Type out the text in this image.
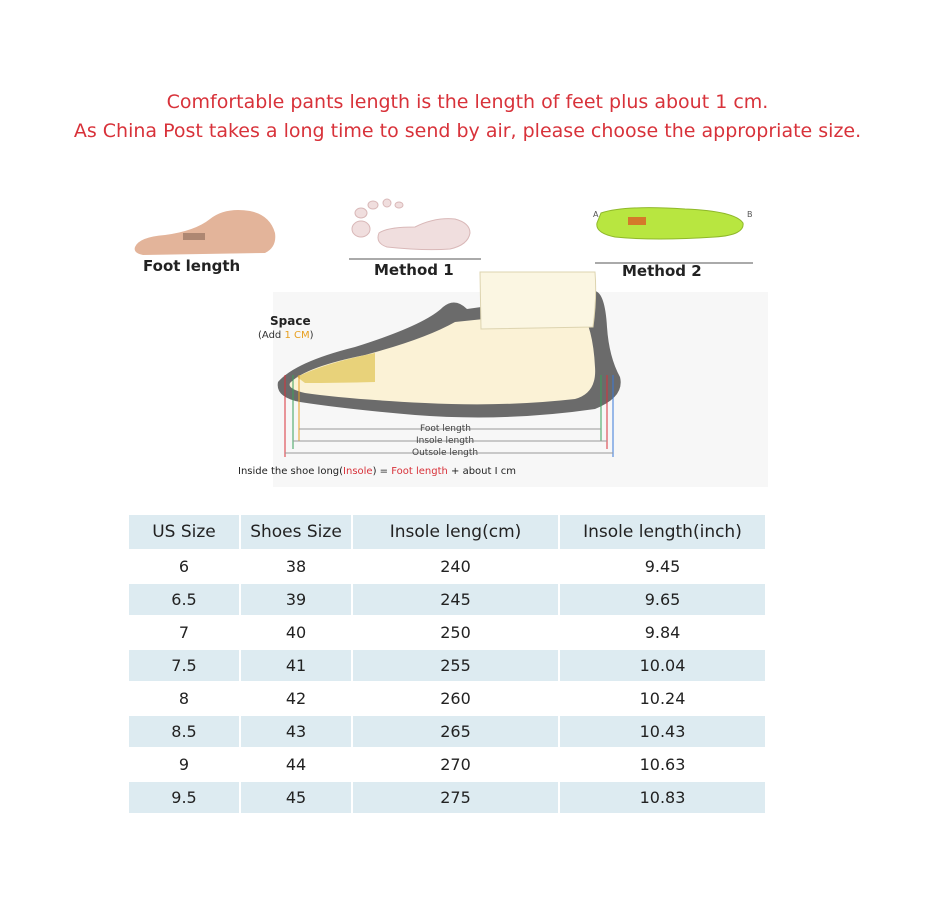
Comfortable pants length is the length of feet plus about 1 cm.
As China Post takes a long time to send by air, please choose the appropriate size.
Foot length	Method 1
A	B
Method 2
Space
(Add 1 CM)
Foot length
Insole length
Outsole length
Inside the shoe long(Insole) = Foot length + about I cm
US Size	Shoes Size	Insole leng(cm)	Insole length(inch)
6	38	240	9.45
6.5	39	245	9.65
7	40	250	9.84
7.5	41	255	10.04
8	42	260	10.24
8.5	43	265	10.43
9	44	270	10.63
9.5	45	275	10.83
